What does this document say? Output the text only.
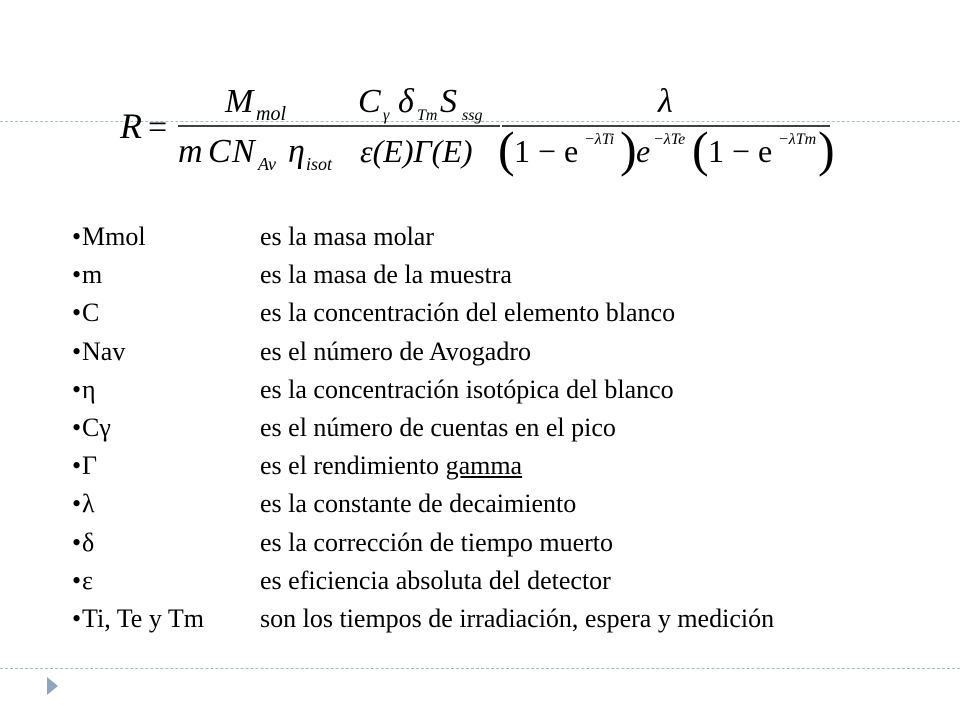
R =
M mol
m C N Av η isot
C γ δ Tm S ssg
ε(E)Γ(E)
λ
( 1 − e −λTi ) e −λTe ( 1 − e −λTm )
• Mmol	es la masa molar
• m	es la masa de la muestra
• C	es la concentración del elemento blanco
• Nav	es el número de Avogadro
• η	es la concentración isotópica del blanco
• Cγ	es el número de cuentas en el pico
• Γ	es el rendimiento gamma
• λ	es la constante de decaimiento
• δ	es la corrección de tiempo muerto
• ε	es eficiencia absoluta del detector
• Ti, Te y Tm	son los tiempos de irradiación, espera y medición
